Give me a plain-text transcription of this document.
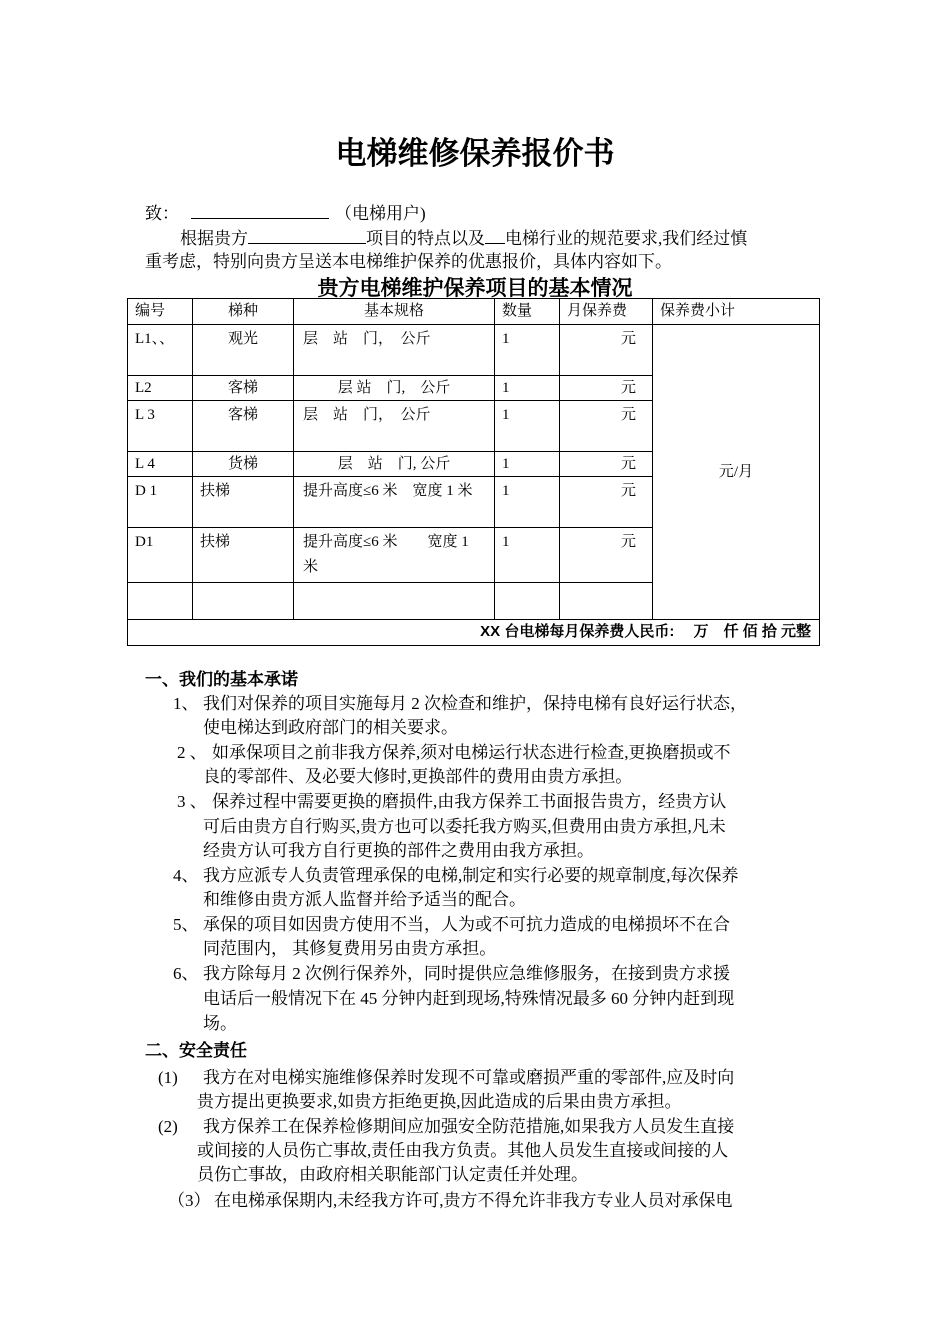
电梯维修保养报价书
致：	（电梯用户)
根据贵方	项目的特点以及 电梯行业的规范要求,我们经过慎
重考虑，特别向贵方呈送本电梯维护保养的优惠报价，具体内容如下。
贵方电梯维护保养项目的基本情况
编号	梯种	基本规格	数量	月保养费	保养费小计
L1、、	观光	层　站　门，　公斤	1	元	元/月
L2	客梯	层 站　门,　公斤	1	元	
L 3	客梯	层　站　门，　公斤	1	元	
L 4	货梯	层　站　门, 公斤	1	元	
D 1	扶梯	提升高度≤6 米　宽度 1 米	1	元	
D1	扶梯	提升高度≤6 米　　宽度 1 米	1	元	

XX 台电梯每月保养费人民币:　 万　仟 佰 拾 元整					
一、我们的基本承诺
1、 我们对保养的项目实施每月 2 次检查和维护，保持电梯有良好运行状态，
使电梯达到政府部门的相关要求。
2 、 如承保项目之前非我方保养,须对电梯运行状态进行检查,更换磨损或不
良的零部件、及必要大修时,更换部件的费用由贵方承担。
3 、 保养过程中需要更换的磨损件,由我方保养工书面报告贵方，经贵方认
可后由贵方自行购买,贵方也可以委托我方购买,但费用由贵方承担,凡未
经贵方认可我方自行更换的部件之费用由我方承担。
4、 我方应派专人负责管理承保的电梯,制定和实行必要的规章制度,每次保养
和维修由贵方派人监督并给予适当的配合。
5、 承保的项目如因贵方使用不当，人为或不可抗力造成的电梯损坏不在合
同范围内， 其修复费用另由贵方承担。
6、 我方除每月 2 次例行保养外，同时提供应急维修服务，在接到贵方求援
电话后一般情况下在 45 分钟内赶到现场,特殊情况最多 60 分钟内赶到现
场。
二、安全责任
(1) 我方在对电梯实施维修保养时发现不可靠或磨损严重的零部件,应及时向
贵方提出更换要求,如贵方拒绝更换,因此造成的后果由贵方承担。
(2) 我方保养工在保养检修期间应加强安全防范措施,如果我方人员发生直接
或间接的人员伤亡事故,责任由我方负责。其他人员发生直接或间接的人
员伤亡事故，由政府相关职能部门认定责任并处理。
（3） 在电梯承保期内,未经我方许可,贵方不得允许非我方专业人员对承保电
